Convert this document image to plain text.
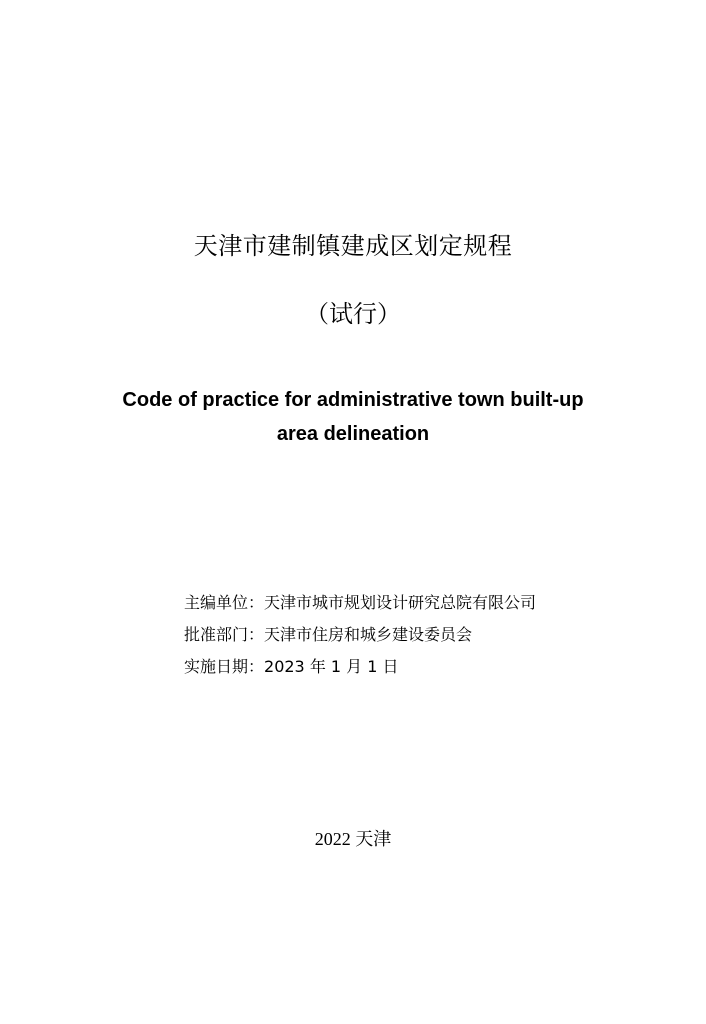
天津市建制镇建成区划定规程
（试行）
Code of practice for administrative town built-up
area delineation
主编单位：天津市城市规划设计研究总院有限公司
批准部门：天津市住房和城乡建设委员会
实施日期：2023 年 1 月 1 日
2022 天津
